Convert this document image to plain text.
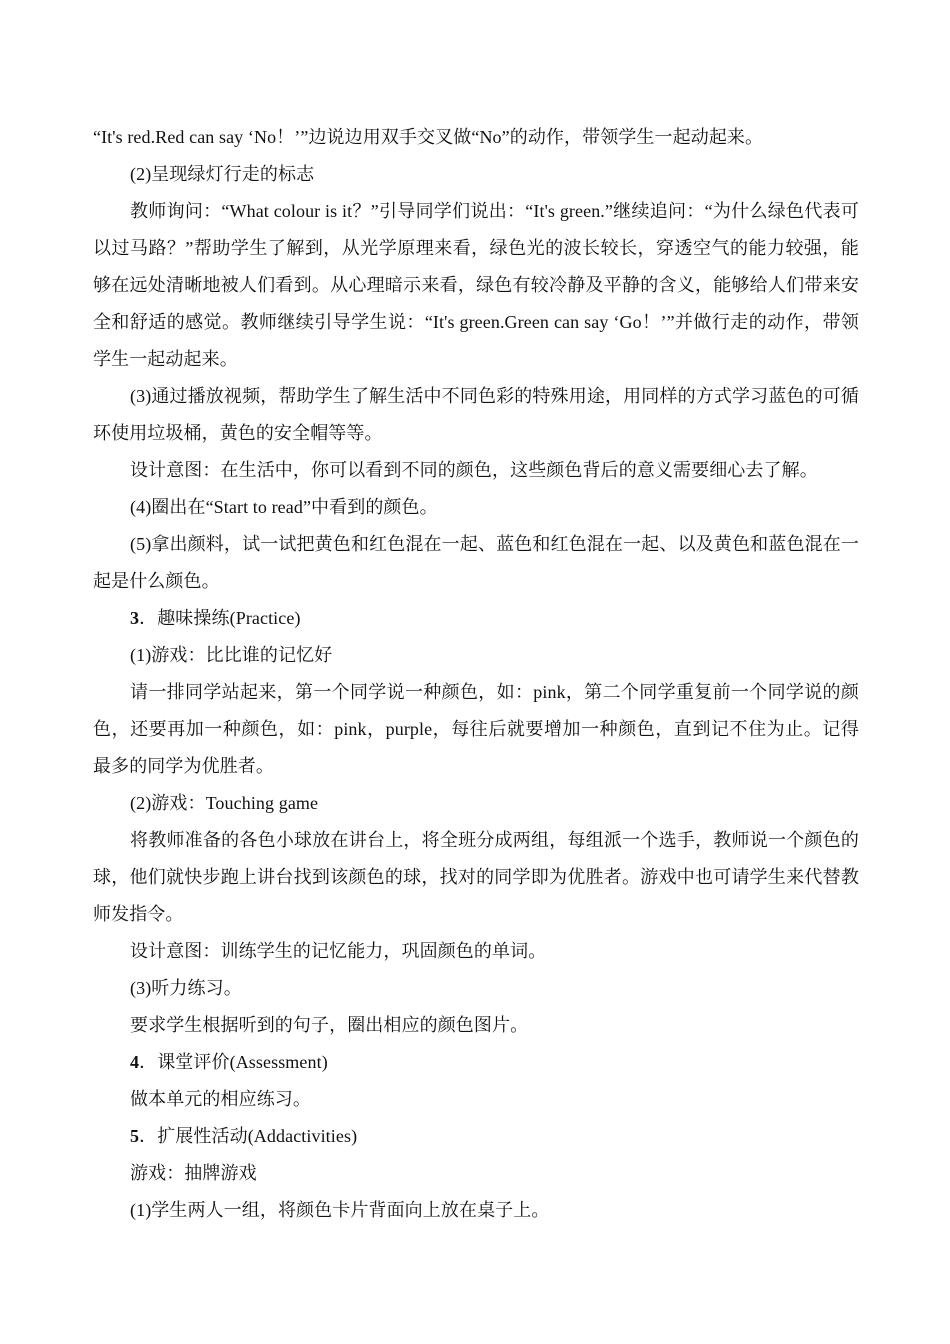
“It's red.Red can say ‘No！’”边说边用双手交叉做“No”的动作，带领学生一起动起来。

(2)呈现绿灯行走的标志

教师询问：“What colour is it？”引导同学们说出：“It's green.”继续追问：“为什么绿色代表可以过马路？”帮助学生了解到，从光学原理来看，绿色光的波长较长，穿透空气的能力较强，能够在远处清晰地被人们看到。从心理暗示来看，绿色有较冷静及平静的含义，能够给人们带来安全和舒适的感觉。教师继续引导学生说：“It's green.Green can say ‘Go！’”并做行走的动作，带领学生一起动起来。

(3)通过播放视频，帮助学生了解生活中不同色彩的特殊用途，用同样的方式学习蓝色的可循环使用垃圾桶，黄色的安全帽等等。

设计意图：在生活中，你可以看到不同的颜色，这些颜色背后的意义需要细心去了解。

(4)圈出在“Start to read”中看到的颜色。

(5)拿出颜料，试一试把黄色和红色混在一起、蓝色和红色混在一起、以及黄色和蓝色混在一起是什么颜色。

3．趣味操练(Practice)

(1)游戏：比比谁的记忆好

请一排同学站起来，第一个同学说一种颜色，如：pink，第二个同学重复前一个同学说的颜色，还要再加一种颜色，如：pink，purple，每往后就要增加一种颜色，直到记不住为止。记得最多的同学为优胜者。

(2)游戏：Touching game

将教师准备的各色小球放在讲台上，将全班分成两组，每组派一个选手，教师说一个颜色的球，他们就快步跑上讲台找到该颜色的球，找对的同学即为优胜者。游戏中也可请学生来代替教师发指令。

设计意图：训练学生的记忆能力，巩固颜色的单词。

(3)听力练习。

要求学生根据听到的句子，圈出相应的颜色图片。

4．课堂评价(Assessment)

做本单元的相应练习。

5．扩展性活动(Addactivities)

游戏：抽牌游戏

(1)学生两人一组，将颜色卡片背面向上放在桌子上。
